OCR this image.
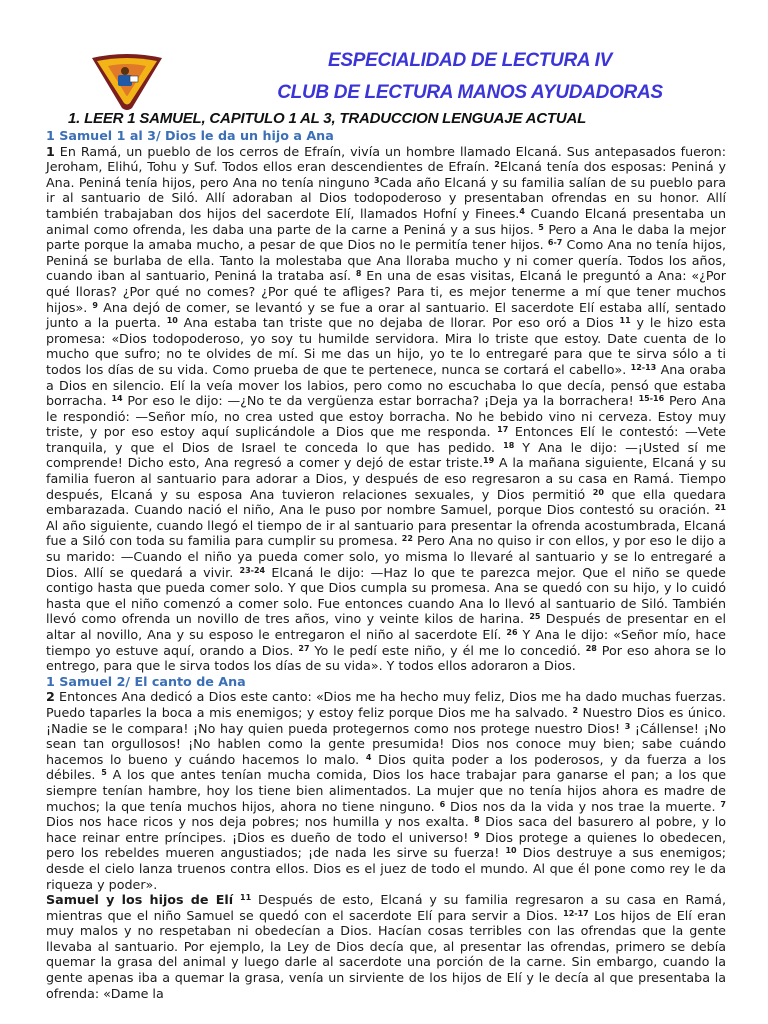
ESPECIALIDAD DE LECTURA IV
CLUB DE LECTURA MANOS AYUDADORAS
1. LEER 1 SAMUEL, CAPITULO 1 AL 3, TRADUCCION LENGUAJE ACTUAL

1 Samuel 1 al 3/ Dios le da un hijo a Ana
1 En Ramá, un pueblo de los cerros de Efraín, vivía un hombre llamado Elcaná. Sus antepasados fueron: Jeroham, Elihú, Tohu y Suf. Todos ellos eran descendientes de Efraín. $^2$Elcaná tenía dos esposas: Peniná y Ana. Peniná tenía hijos, pero Ana no tenía ninguno $^3$Cada año Elcaná y su familia salían de su pueblo para ir al santuario de Siló. Allí adoraban al Dios todopoderoso y presentaban ofrendas en su honor. Allí también trabajaban dos hijos del sacerdote Elí, llamados Hofní y Finees.$^4$ Cuando Elcaná presentaba un animal como ofrenda, les daba una parte de la carne a Peniná y a sus hijos. $^5$ Pero a Ana le daba la mejor parte porque la amaba mucho, a pesar de que Dios no le permitía tener hijos. $^{6-7}$ Como Ana no tenía hijos, Peniná se burlaba de ella. Tanto la molestaba que Ana lloraba mucho y ni comer quería. Todos los años, cuando iban al santuario, Peniná la trataba así. $^8$ En una de esas visitas, Elcaná le preguntó a Ana: «¿Por qué lloras? ¿Por qué no comes? ¿Por qué te afliges? Para ti, es mejor tenerme a mí que tener muchos hijos». $^9$ Ana dejó de comer, se levantó y se fue a orar al santuario. El sacerdote Elí estaba allí, sentado junto a la puerta. $^{10}$ Ana estaba tan triste que no dejaba de llorar. Por eso oró a Dios $^{11}$ y le hizo esta promesa: «Dios todopoderoso, yo soy tu humilde servidora. Mira lo triste que estoy. Date cuenta de lo mucho que sufro; no te olvides de mí. Si me das un hijo, yo te lo entregaré para que te sirva sólo a ti todos los días de su vida. Como prueba de que te pertenece, nunca se cortará el cabello». $^{12-13}$ Ana oraba a Dios en silencio. Elí la veía mover los labios, pero como no escuchaba lo que decía, pensó que estaba borracha. $^{14}$ Por eso le dijo: —¿No te da vergüenza estar borracha? ¡Deja ya la borrachera! $^{15-16}$ Pero Ana le respondió: —Señor mío, no crea usted que estoy borracha. No he bebido vino ni cerveza. Estoy muy triste, y por eso estoy aquí suplicándole a Dios que me responda. $^{17}$ Entonces Elí le contestó: —Vete tranquila, y que el Dios de Israel te conceda lo que has pedido. $^{18}$ Y Ana le dijo: —¡Usted sí me comprende! Dicho esto, Ana regresó a comer y dejó de estar triste.$^{19}$ A la mañana siguiente, Elcaná y su familia fueron al santuario para adorar a Dios, y después de eso regresaron a su casa en Ramá. Tiempo después, Elcaná y su esposa Ana tuvieron relaciones sexuales, y Dios permitió $^{20}$ que ella quedara embarazada. Cuando nació el niño, Ana le puso por nombre Samuel, porque Dios contestó su oración. $^{21}$ Al año siguiente, cuando llegó el tiempo de ir al santuario para presentar la ofrenda acostumbrada, Elcaná fue a Siló con toda su familia para cumplir su promesa. $^{22}$ Pero Ana no quiso ir con ellos, y por eso le dijo a su marido: —Cuando el niño ya pueda comer solo, yo misma lo llevaré al santuario y se lo entregaré a Dios. Allí se quedará a vivir. $^{23-24}$ Elcaná le dijo: —Haz lo que te parezca mejor. Que el niño se quede contigo hasta que pueda comer solo. Y que Dios cumpla su promesa. Ana se quedó con su hijo, y lo cuidó hasta que el niño comenzó a comer solo. Fue entonces cuando Ana lo llevó al santuario de Siló. También llevó como ofrenda un novillo de tres años, vino y veinte kilos de harina. $^{25}$ Después de presentar en el altar al novillo, Ana y su esposo le entregaron el niño al sacerdote Elí. $^{26}$ Y Ana le dijo: «Señor mío, hace tiempo yo estuve aquí, orando a Dios. $^{27}$ Yo le pedí este niño, y él me lo concedió. $^{28}$ Por eso ahora se lo entrego, para que le sirva todos los días de su vida». Y todos ellos adoraron a Dios.

1 Samuel 2/ El canto de Ana
2 Entonces Ana dedicó a Dios este canto: «Dios me ha hecho muy feliz, Dios me ha dado muchas fuerzas. Puedo taparles la boca a mis enemigos; y estoy feliz porque Dios me ha salvado. $^2$ Nuestro Dios es único. ¡Nadie se le compara! ¡No hay quien pueda protegernos como nos protege nuestro Dios! $^3$ ¡Cállense! ¡No sean tan orgullosos! ¡No hablen como la gente presumida! Dios nos conoce muy bien; sabe cuándo hacemos lo bueno y cuándo hacemos lo malo. $^4$ Dios quita poder a los poderosos, y da fuerza a los débiles. $^5$ A los que antes tenían mucha comida, Dios los hace trabajar para ganarse el pan; a los que siempre tenían hambre, hoy los tiene bien alimentados. La mujer que no tenía hijos ahora es madre de muchos; la que tenía muchos hijos, ahora no tiene ninguno. $^6$ Dios nos da la vida y nos trae la muerte. $^7$ Dios nos hace ricos y nos deja pobres; nos humilla y nos exalta. $^8$ Dios saca del basurero al pobre, y lo hace reinar entre príncipes. ¡Dios es dueño de todo el universo! $^9$ Dios protege a quienes lo obedecen, pero los rebeldes mueren angustiados; ¡de nada les sirve su fuerza! $^{10}$ Dios destruye a sus enemigos; desde el cielo lanza truenos contra ellos. Dios es el juez de todo el mundo. Al que él pone como rey le da riqueza y poder».

Samuel y los hijos de Elí $^{11}$ Después de esto, Elcaná y su familia regresaron a su casa en Ramá, mientras que el niño Samuel se quedó con el sacerdote Elí para servir a Dios. $^{12-17}$ Los hijos de Elí eran muy malos y no respetaban ni obedecían a Dios. Hacían cosas terribles con las ofrendas que la gente llevaba al santuario. Por ejemplo, la Ley de Dios decía que, al presentar las ofrendas, primero se debía quemar la grasa del animal y luego darle al sacerdote una porción de la carne. Sin embargo, cuando la gente apenas iba a quemar la grasa, venía un sirviente de los hijos de Elí y le decía al que presentaba la ofrenda: «Dame la
